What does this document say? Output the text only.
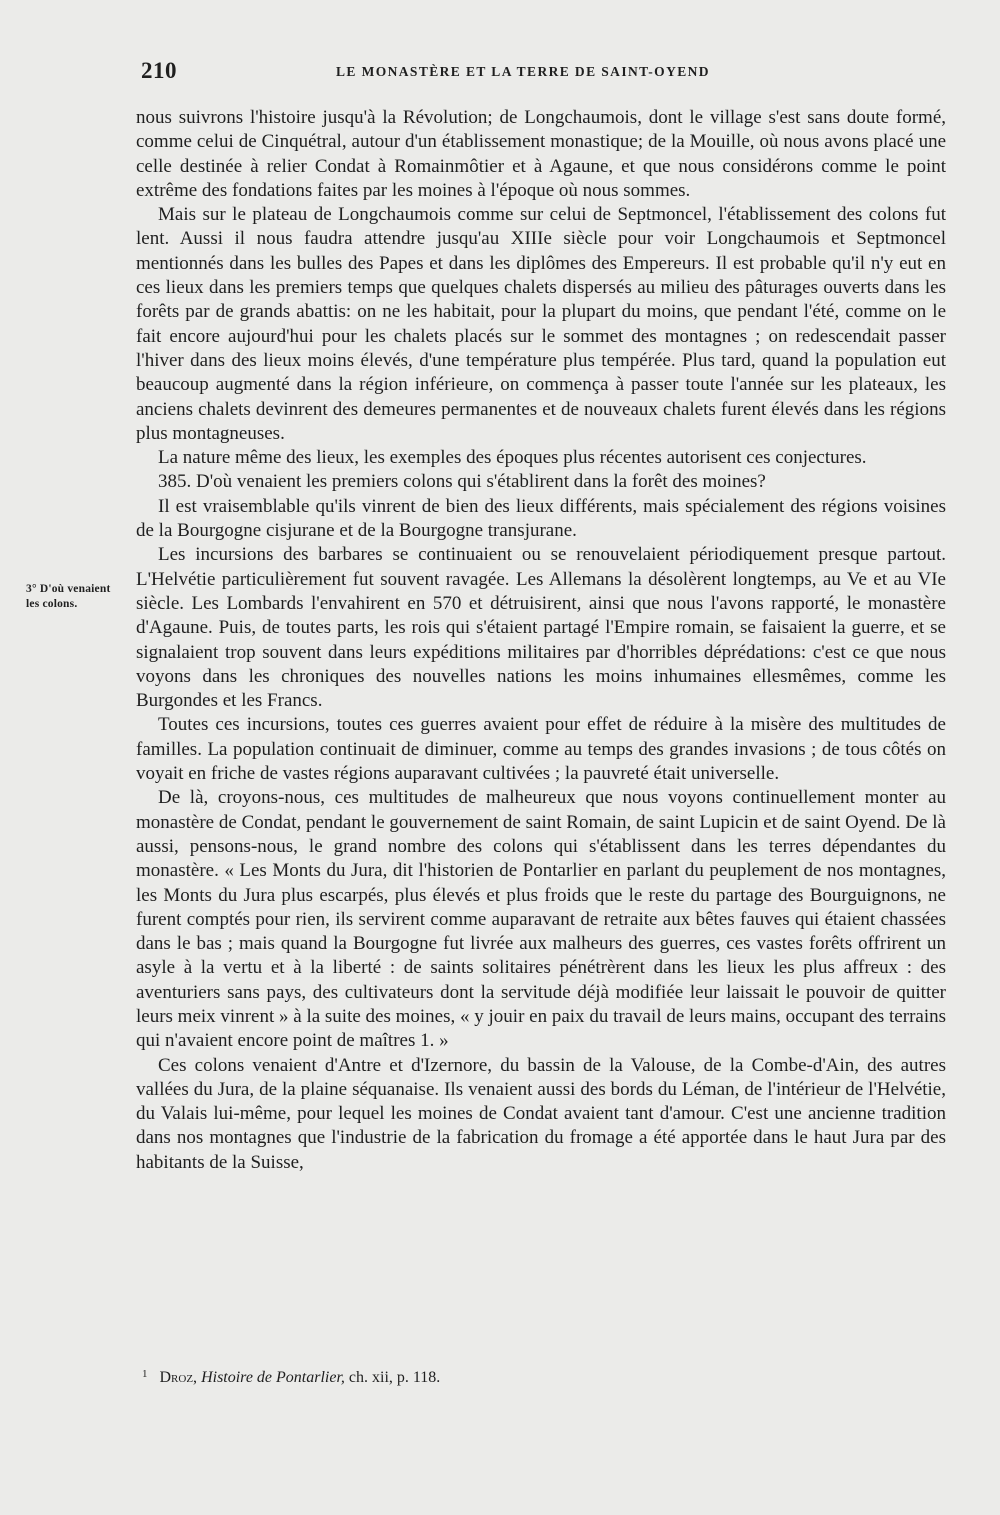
210	LE MONASTÈRE ET LA TERRE DE SAINT-OYEND
3° D'où venaient les colons.

nous suivrons l'histoire jusqu'à la Révolution; de Longchaumois, dont le village s'est sans doute formé, comme celui de Cinquétral, autour d'un établissement monastique; de la Mouille, où nous avons placé une celle destinée à relier Condat à Romainmôtier et à Agaune, et que nous considérons comme le point extrême des fondations faites par les moines à l'époque où nous sommes.

Mais sur le plateau de Longchaumois comme sur celui de Septmoncel, l'établissement des colons fut lent. Aussi il nous faudra attendre jusqu'au XIIIe siècle pour voir Longchaumois et Septmoncel mentionnés dans les bulles des Papes et dans les diplômes des Empereurs. Il est probable qu'il n'y eut en ces lieux dans les premiers temps que quelques chalets dispersés au milieu des pâturages ouverts dans les forêts par de grands abattis: on ne les habitait, pour la plupart du moins, que pendant l'été, comme on le fait encore aujourd'hui pour les chalets placés sur le sommet des montagnes ; on redescendait passer l'hiver dans des lieux moins élevés, d'une température plus tempérée. Plus tard, quand la population eut beaucoup augmenté dans la région inférieure, on commença à passer toute l'année sur les plateaux, les anciens chalets devinrent des demeures permanentes et de nouveaux chalets furent élevés dans les régions plus montagneuses.

La nature même des lieux, les exemples des époques plus récentes autorisent ces conjectures.

385. D'où venaient les premiers colons qui s'établirent dans la forêt des moines?

Il est vraisemblable qu'ils vinrent de bien des lieux différents, mais spécialement des régions voisines de la Bourgogne cisjurane et de la Bourgogne transjurane.

Les incursions des barbares se continuaient ou se renouvelaient périodiquement presque partout. L'Helvétie particulièrement fut souvent ravagée. Les Allemans la désolèrent longtemps, au Ve et au VIe siècle. Les Lombards l'envahirent en 570 et détruisirent, ainsi que nous l'avons rapporté, le monastère d'Agaune. Puis, de toutes parts, les rois qui s'étaient partagé l'Empire romain, se faisaient la guerre, et se signalaient trop souvent dans leurs expéditions militaires par d'horribles déprédations: c'est ce que nous voyons dans les chroniques des nouvelles nations les moins inhumaines ellesmêmes, comme les Burgondes et les Francs.

Toutes ces incursions, toutes ces guerres avaient pour effet de réduire à la misère des multitudes de familles. La population continuait de diminuer, comme au temps des grandes invasions ; de tous côtés on voyait en friche de vastes régions auparavant cultivées ; la pauvreté était universelle.

De là, croyons-nous, ces multitudes de malheureux que nous voyons continuellement monter au monastère de Condat, pendant le gouvernement de saint Romain, de saint Lupicin et de saint Oyend. De là aussi, pensons-nous, le grand nombre des colons qui s'établissent dans les terres dépendantes du monastère. « Les Monts du Jura, dit l'historien de Pontarlier en parlant du peuplement de nos montagnes, les Monts du Jura plus escarpés, plus élevés et plus froids que le reste du partage des Bourguignons, ne furent comptés pour rien, ils servirent comme auparavant de retraite aux bêtes fauves qui étaient chassées dans le bas ; mais quand la Bourgogne fut livrée aux malheurs des guerres, ces vastes forêts offrirent un asyle à la vertu et à la liberté : de saints solitaires pénétrèrent dans les lieux les plus affreux : des aventuriers sans pays, des cultivateurs dont la servitude déjà modifiée leur laissait le pouvoir de quitter leurs meix vinrent » à la suite des moines, « y jouir en paix du travail de leurs mains, occupant des terrains qui n'avaient encore point de maîtres 1. »

Ces colons venaient d'Antre et d'Izernore, du bassin de la Valouse, de la Combe-d'Ain, des autres vallées du Jura, de la plaine séquanaise. Ils venaient aussi des bords du Léman, de l'intérieur de l'Helvétie, du Valais lui-même, pour lequel les moines de Condat avaient tant d'amour. C'est une ancienne tradition dans nos montagnes que l'industrie de la fabrication du fromage a été apportée dans le haut Jura par des habitants de la Suisse,

$^1$ Droz, Histoire de Pontarlier, ch. xii, p. 118.
